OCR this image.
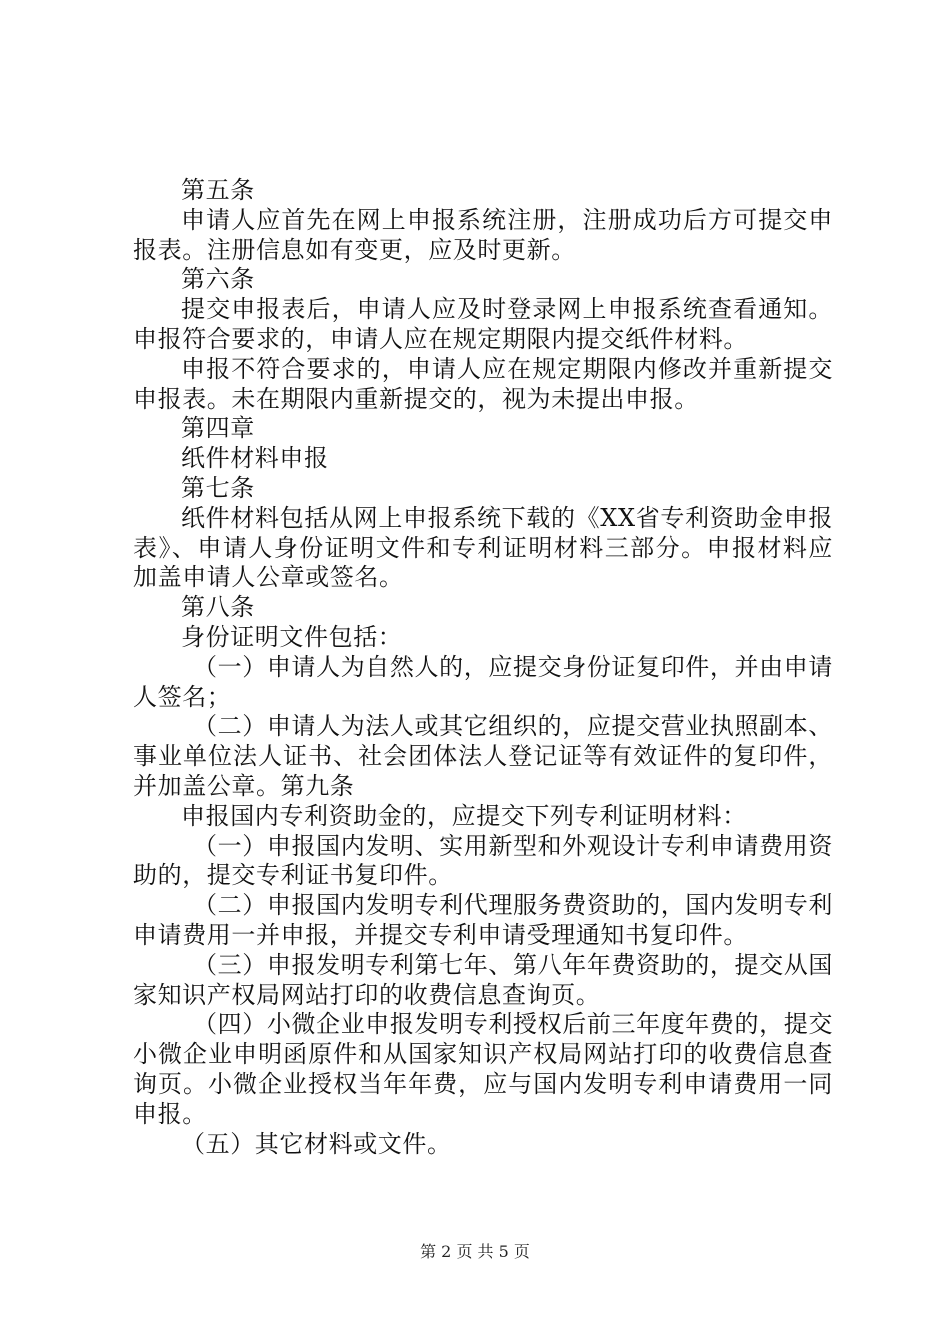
第五条

申请人应首先在网上申报系统注册，注册成功后方可提交申报表。注册信息如有变更，应及时更新。

第六条

提交申报表后，申请人应及时登录网上申报系统查看通知。申报符合要求的，申请人应在规定期限内提交纸件材料。

申报不符合要求的，申请人应在规定期限内修改并重新提交申报表。未在期限内重新提交的，视为未提出申报。

第四章

纸件材料申报

第七条

纸件材料包括从网上申报系统下载的《XX省专利资助金申报表》、申请人身份证明文件和专利证明材料三部分。申报材料应加盖申请人公章或签名。

第八条

身份证明文件包括：

（一）申请人为自然人的，应提交身份证复印件，并由申请人签名；

（二）申请人为法人或其它组织的，应提交营业执照副本、事业单位法人证书、社会团体法人登记证等有效证件的复印件，并加盖公章。第九条

申报国内专利资助金的，应提交下列专利证明材料：

（一）申报国内发明、实用新型和外观设计专利申请费用资助的，提交专利证书复印件。

（二）申报国内发明专利代理服务费资助的，国内发明专利申请费用一并申报，并提交专利申请受理通知书复印件。

（三）申报发明专利第七年、第八年年费资助的，提交从国家知识产权局网站打印的收费信息查询页。

（四）小微企业申报发明专利授权后前三年度年费的，提交小微企业申明函原件和从国家知识产权局网站打印的收费信息查询页。小微企业授权当年年费，应与国内发明专利申请费用一同申报。

（五）其它材料或文件。

第 2 页 共 5 页
